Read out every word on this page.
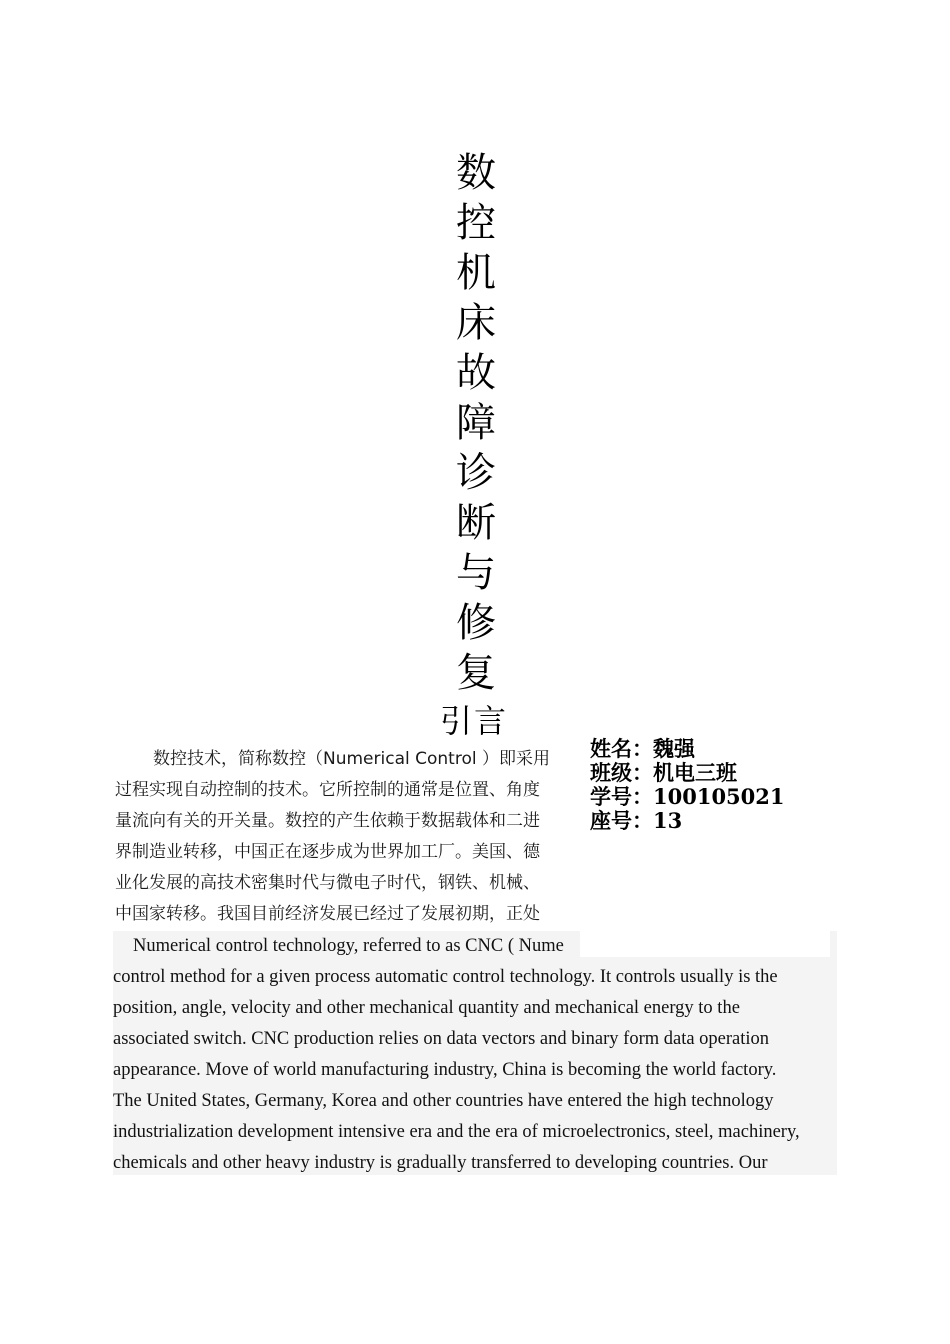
数
控
机
床
故
障
诊
断
与
修
复
引言
数控技术，简称数控（Numerical Control ）即采用
过程实现自动控制的技术。它所控制的通常是位置、角度
量流向有关的开关量。数控的产生依赖于数据载体和二进
界制造业转移，中国正在逐步成为世界加工厂。美国、德
业化发展的高技术密集时代与微电子时代，钢铁、机械、
中国家转移。我国目前经济发展已经过了发展初期，正处
Numerical control technology, referred to as CNC ( Nume
control method for a given process automatic control technology. It controls usually is the
position, angle, velocity and other mechanical quantity and mechanical energy to the
associated switch. CNC production relies on data vectors and binary form data operation
appearance. Move of world manufacturing industry, China is becoming the world factory.
The United States, Germany, Korea and other countries have entered the high technology
industrialization development intensive era and the era of microelectronics, steel, machinery,
chemicals and other heavy industry is gradually transferred to developing countries. Our
姓名：魏强
班级：机电三班
学号：100105021
座号：13
